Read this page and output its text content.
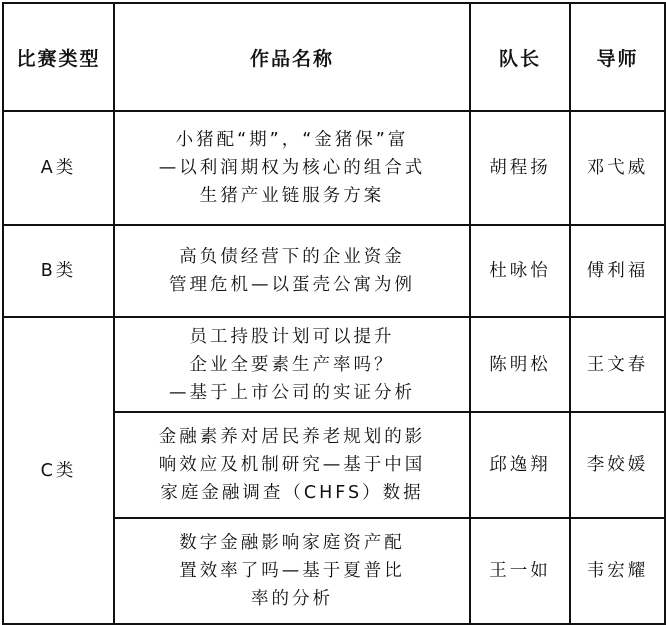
比赛类型	作品名称	队长	导师
A类	小猪配“期”，“金猪保”富
—以利润期权为核心的组合式
生猪产业链服务方案	胡程扬	邓弋威
B类	高负债经营下的企业资金
管理危机—以蛋壳公寓为例	杜咏怡	傅利福
C类	员工持股计划可以提升
企业全要素生产率吗？
—基于上市公司的实证分析	陈明松	王文春

	金融素养对居民养老规划的影
响效应及机制研究—基于中国
家庭金融调查（CHFS）数据	邱逸翔	李姣媛

	数字金融影响家庭资产配
置效率了吗—基于夏普比
率的分析	王一如	韦宏耀
